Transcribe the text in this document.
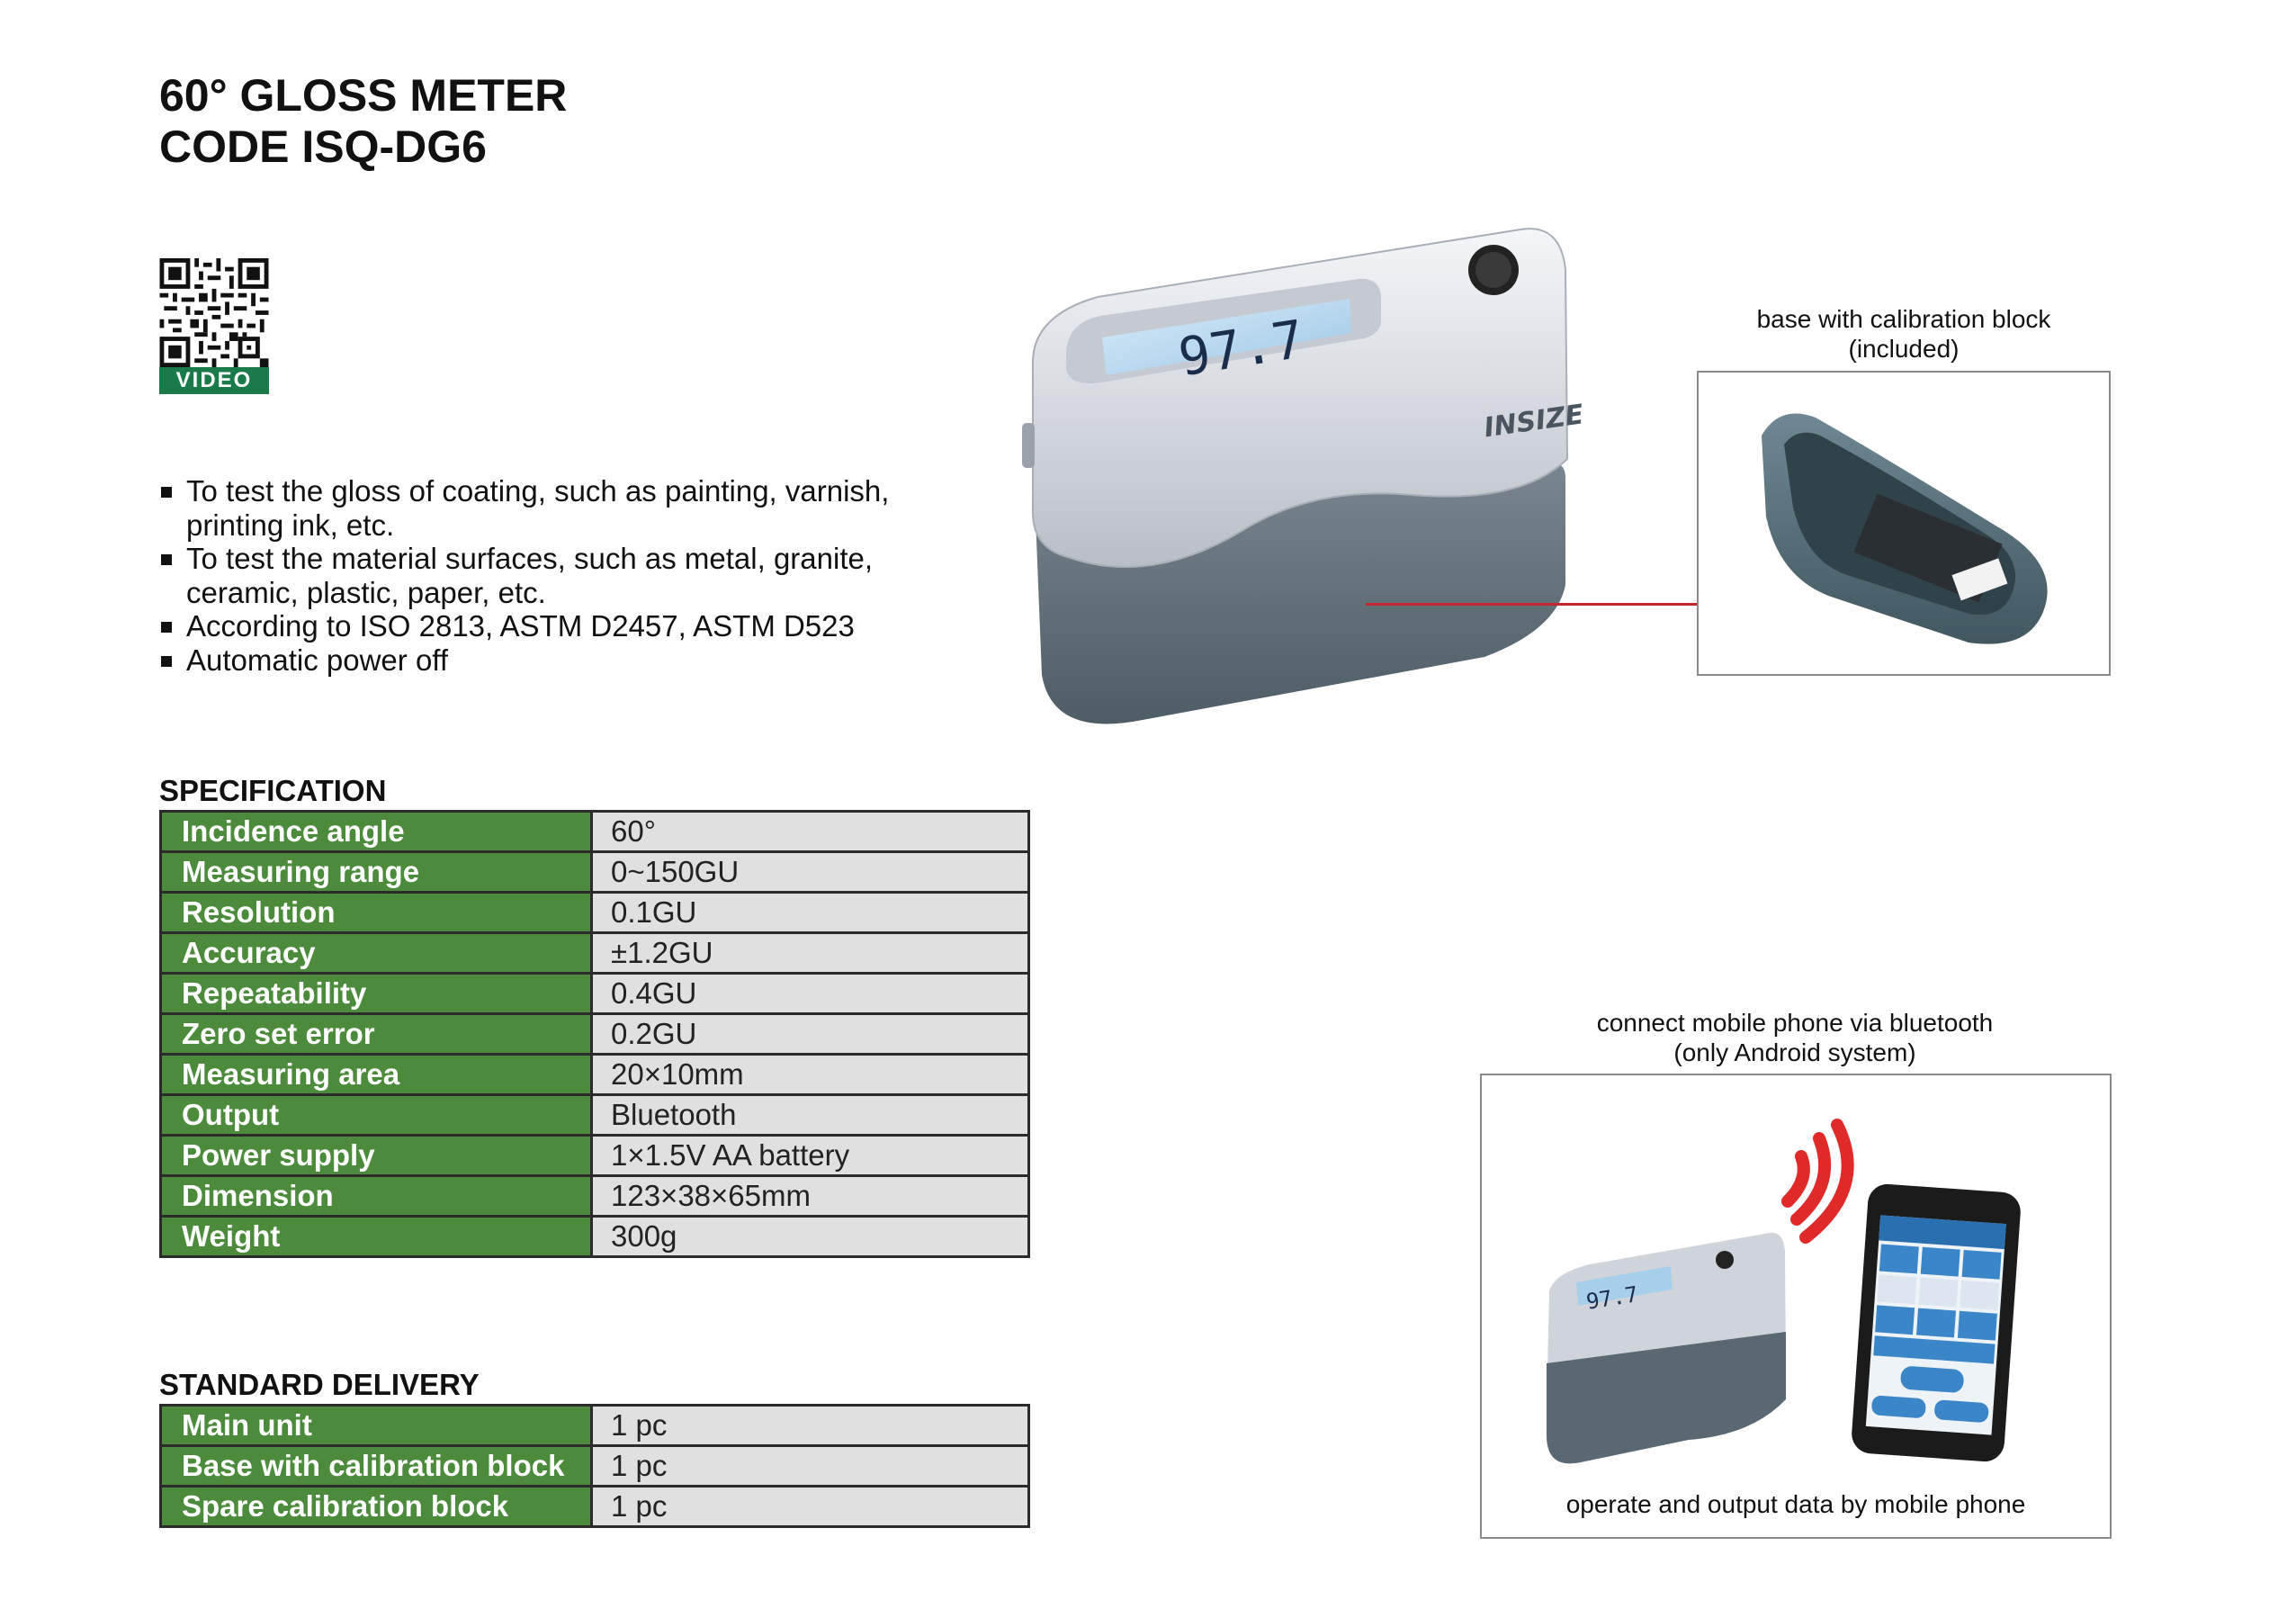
60° GLOSS METER
CODE ISQ-DG6
VIDEO
To test the gloss of coating, such as painting, varnish, printing ink, etc.
To test the material surfaces, such as metal, granite, ceramic, plastic, paper, etc.
According to ISO 2813, ASTM D2457, ASTM D523
Automatic power off
97.7
INSIZE
base with calibration block
(included)
connect mobile phone via bluetooth
(only Android system)
97.7
operate and output data by mobile phone
SPECIFICATION
Incidence angle	60°
Measuring range	0~150GU
Resolution	0.1GU
Accuracy	±1.2GU
Repeatability	0.4GU
Zero set error	0.2GU
Measuring area	20×10mm
Output	Bluetooth
Power supply	1×1.5V AA battery
Dimension	123×38×65mm
Weight	300g
STANDARD DELIVERY
Main unit	1 pc
Base with calibration block	1 pc
Spare calibration block	1 pc
